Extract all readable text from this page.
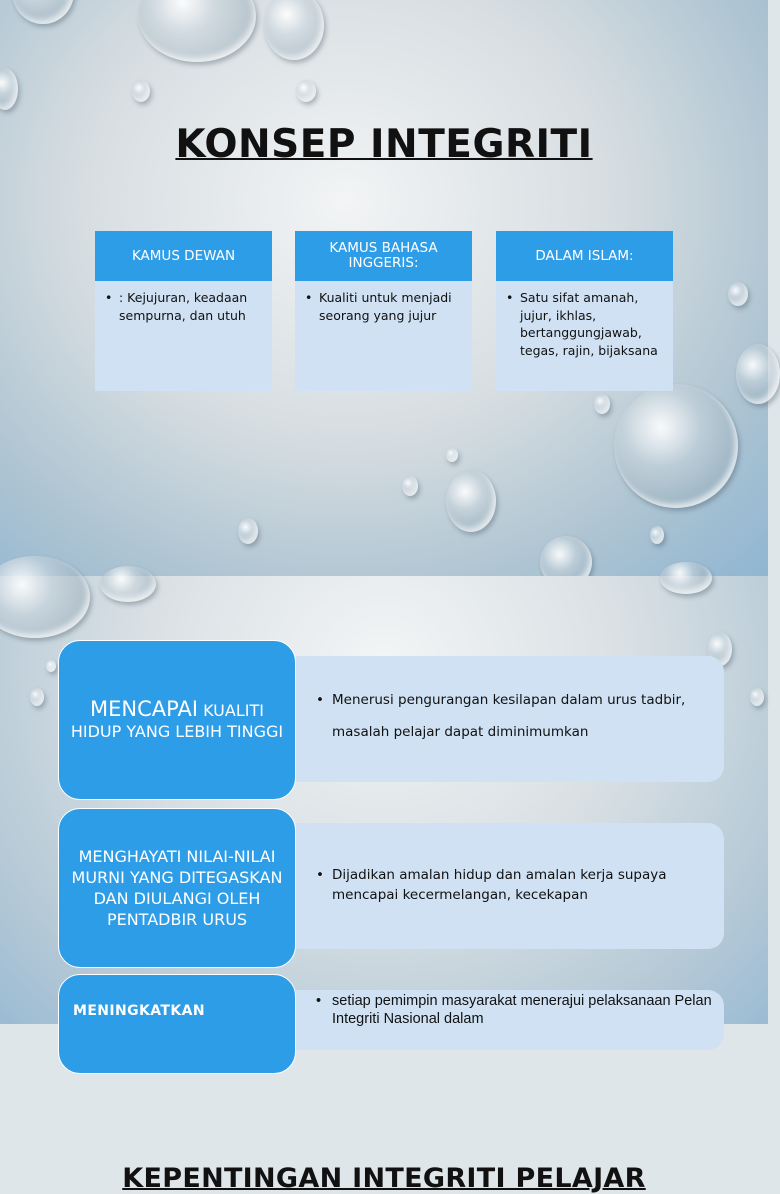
KONSEP INTEGRITI
KAMUS DEWAN
• : Kejujuran, keadaan sempurna, dan utuh
KAMUS BAHASA INGGERIS:
• Kualiti untuk menjadi seorang yang jujur
DALAM ISLAM:
• Satu sifat amanah, jujur, ikhlas, bertanggungjawab, tegas, rajin, bijaksana
KEPENTINGAN INTEGRITI PELAJAR
• Menerusi pengurangan kesilapan dalam urus tadbir, masalah pelajar dapat diminimumkan
MENCAPAI KUALITI HIDUP YANG LEBIH TINGGI
• Dijadikan amalan hidup dan amalan kerja supaya mencapai kecermelangan, kecekapan
MENGHAYATI NILAI-NILAI MURNI YANG DITEGASKAN DAN DIULANGI OLEH PENTADBIR URUS
• setiap pemimpin masyarakat menerajui pelaksanaan Pelan Integriti Nasional dalam
MENINGKATKAN
